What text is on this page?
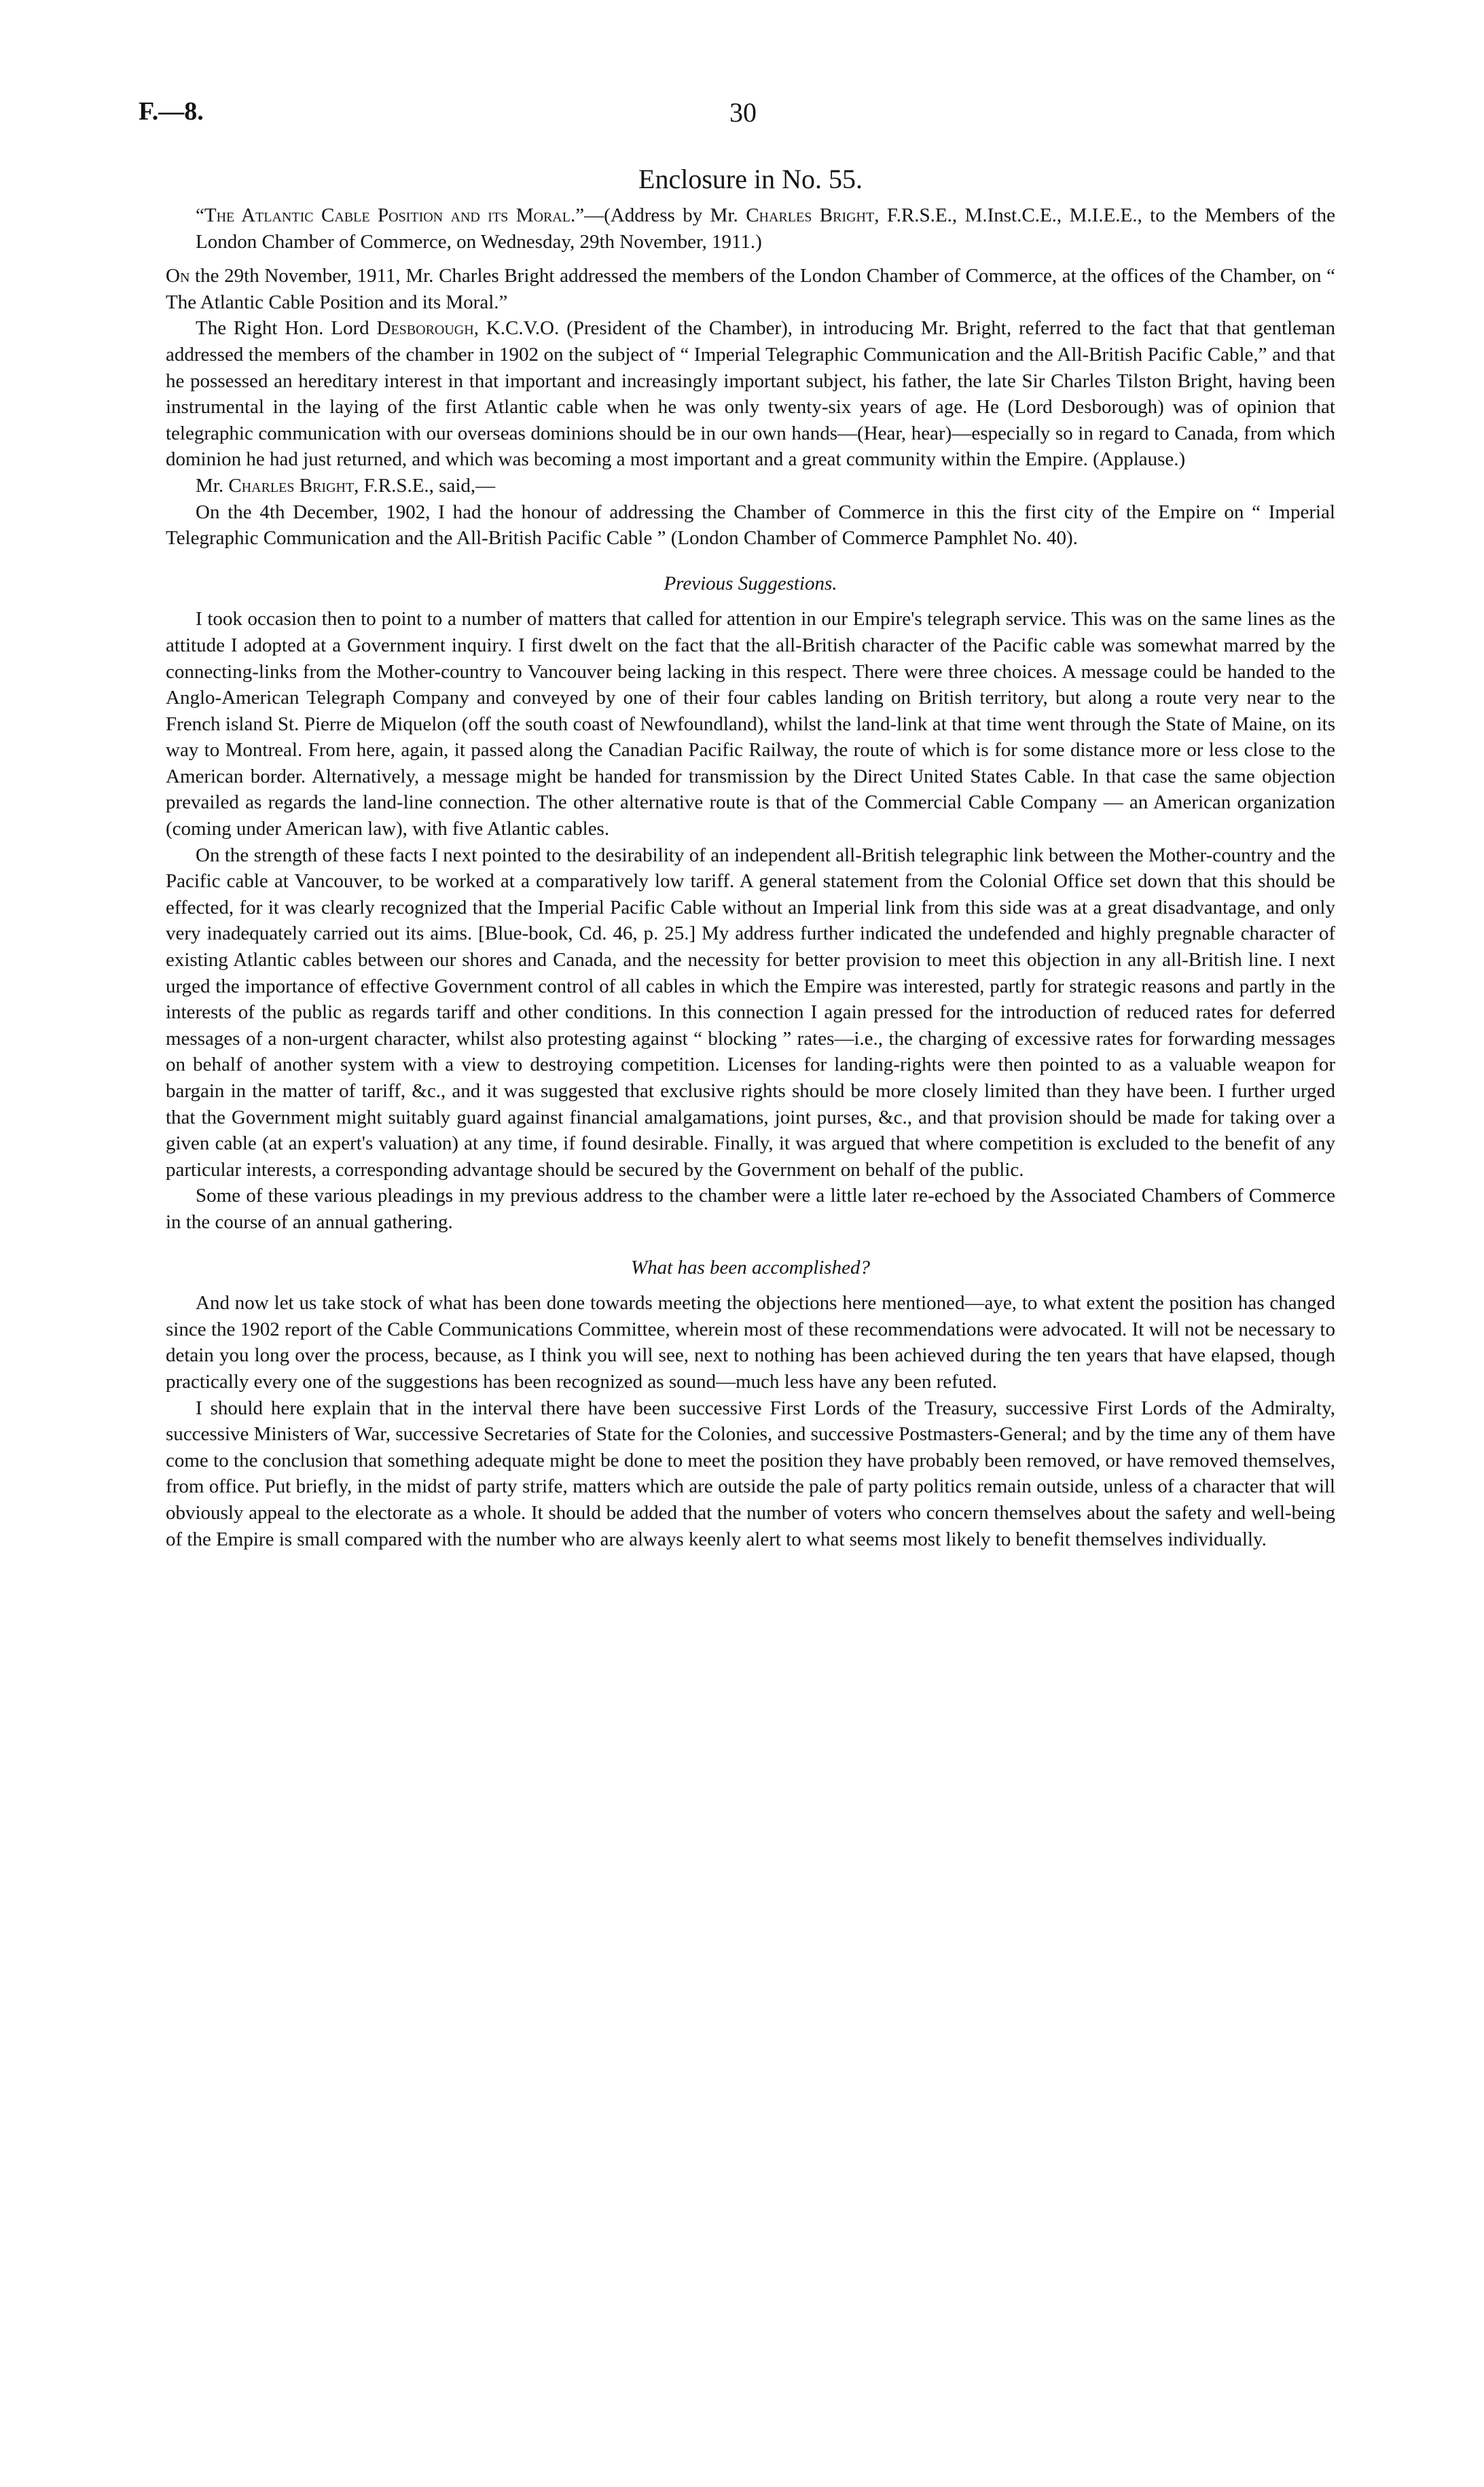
F.—8.	30
Enclosure in No. 55.

“The Atlantic Cable Position and its Moral.”—(Address by Mr. Charles Bright, F.R.S.E., M.Inst.C.E., M.I.E.E., to the Members of the London Chamber of Commerce, on Wednesday, 29th November, 1911.)

On the 29th November, 1911, Mr. Charles Bright addressed the members of the London Chamber of Commerce, at the offices of the Chamber, on “ The Atlantic Cable Position and its Moral.”

The Right Hon. Lord Desborough, K.C.V.O. (President of the Chamber), in introducing Mr. Bright, referred to the fact that that gentleman addressed the members of the chamber in 1902 on the subject of “ Imperial Telegraphic Communication and the All-British Pacific Cable,” and that he possessed an hereditary interest in that important and increasingly important subject, his father, the late Sir Charles Tilston Bright, having been instrumental in the laying of the first Atlantic cable when he was only twenty-six years of age. He (Lord Desborough) was of opinion that telegraphic communication with our overseas dominions should be in our own hands—(Hear, hear)—especially so in regard to Canada, from which dominion he had just returned, and which was becoming a most important and a great community within the Empire. (Applause.)

Mr. Charles Bright, F.R.S.E., said,—

On the 4th December, 1902, I had the honour of addressing the Chamber of Commerce in this the first city of the Empire on “ Imperial Telegraphic Communication and the All-British Pacific Cable ” (London Chamber of Commerce Pamphlet No. 40).

Previous Suggestions.

I took occasion then to point to a number of matters that called for attention in our Empire's telegraph service. This was on the same lines as the attitude I adopted at a Government inquiry. I first dwelt on the fact that the all-British character of the Pacific cable was somewhat marred by the connecting-links from the Mother-country to Vancouver being lacking in this respect. There were three choices. A message could be handed to the Anglo-American Telegraph Company and conveyed by one of their four cables landing on British territory, but along a route very near to the French island St. Pierre de Miquelon (off the south coast of Newfoundland), whilst the land-link at that time went through the State of Maine, on its way to Montreal. From here, again, it passed along the Canadian Pacific Railway, the route of which is for some distance more or less close to the American border. Alternatively, a message might be handed for transmission by the Direct United States Cable. In that case the same objection prevailed as regards the land-line connection. The other alternative route is that of the Commercial Cable Company — an American organization (coming under American law), with five Atlantic cables.

On the strength of these facts I next pointed to the desirability of an independent all-British telegraphic link between the Mother-country and the Pacific cable at Vancouver, to be worked at a comparatively low tariff. A general statement from the Colonial Office set down that this should be effected, for it was clearly recognized that the Imperial Pacific Cable without an Imperial link from this side was at a great disadvantage, and only very inadequately carried out its aims. [Blue-book, Cd. 46, p. 25.] My address further indicated the undefended and highly pregnable character of existing Atlantic cables between our shores and Canada, and the necessity for better provision to meet this objection in any all-British line. I next urged the importance of effective Government control of all cables in which the Empire was interested, partly for strategic reasons and partly in the interests of the public as regards tariff and other conditions. In this connection I again pressed for the introduction of reduced rates for deferred messages of a non-urgent character, whilst also protesting against “ blocking ” rates—i.e., the charging of excessive rates for forwarding messages on behalf of another system with a view to destroying competition. Licenses for landing-rights were then pointed to as a valuable weapon for bargain in the matter of tariff, &c., and it was suggested that exclusive rights should be more closely limited than they have been. I further urged that the Government might suitably guard against financial amalgamations, joint purses, &c., and that provision should be made for taking over a given cable (at an expert's valuation) at any time, if found desirable. Finally, it was argued that where competition is excluded to the benefit of any particular interests, a corresponding advantage should be secured by the Government on behalf of the public.

Some of these various pleadings in my previous address to the chamber were a little later re-echoed by the Associated Chambers of Commerce in the course of an annual gathering.

What has been accomplished?

And now let us take stock of what has been done towards meeting the objections here mentioned—aye, to what extent the position has changed since the 1902 report of the Cable Communications Committee, wherein most of these recommendations were advocated. It will not be necessary to detain you long over the process, because, as I think you will see, next to nothing has been achieved during the ten years that have elapsed, though practically every one of the suggestions has been recognized as sound—much less have any been refuted.

I should here explain that in the interval there have been successive First Lords of the Treasury, successive First Lords of the Admiralty, successive Ministers of War, successive Secretaries of State for the Colonies, and successive Postmasters-General; and by the time any of them have come to the conclusion that something adequate might be done to meet the position they have probably been removed, or have removed themselves, from office. Put briefly, in the midst of party strife, matters which are outside the pale of party politics remain outside, unless of a character that will obviously appeal to the electorate as a whole. It should be added that the number of voters who concern themselves about the safety and well-being of the Empire is small compared with the number who are always keenly alert to what seems most likely to benefit themselves individually.
